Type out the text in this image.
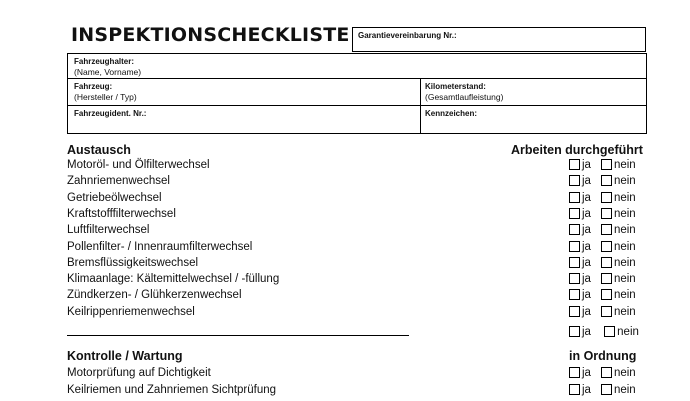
INSPEKTIONSCHECKLISTE	Garantievereinbarung Nr.:
Fahrzeughalter:
(Name, Vorname)
Fahrzeug:
(Hersteller / Typ)
Kilometerstand:
(Gesamtlaufleistung)
Fahrzeugident. Nr.:	Kennzeichen:
Austausch	Arbeiten durchgeführt
Motoröl- und Ölfilterwechsel	ja nein
Zahnriemenwechsel	ja nein
Getriebeölwechsel	ja nein
Kraftstofffilterwechsel	ja nein
Luftfilterwechsel	ja nein
Pollenfilter- / Innenraumfilterwechsel	ja nein
Bremsflüssigkeitswechsel	ja nein
Klimaanlage: Kältemittelwechsel / -füllung	ja nein
Zündkerzen- / Glühkerzenwechsel	ja nein
Keilrippenriemenwechsel	ja nein
ja nein
Kontrolle / Wartung	in Ordnung
Motorprüfung auf Dichtigkeit	ja nein
Keilriemen und Zahnriemen Sichtprüfung	ja nein
